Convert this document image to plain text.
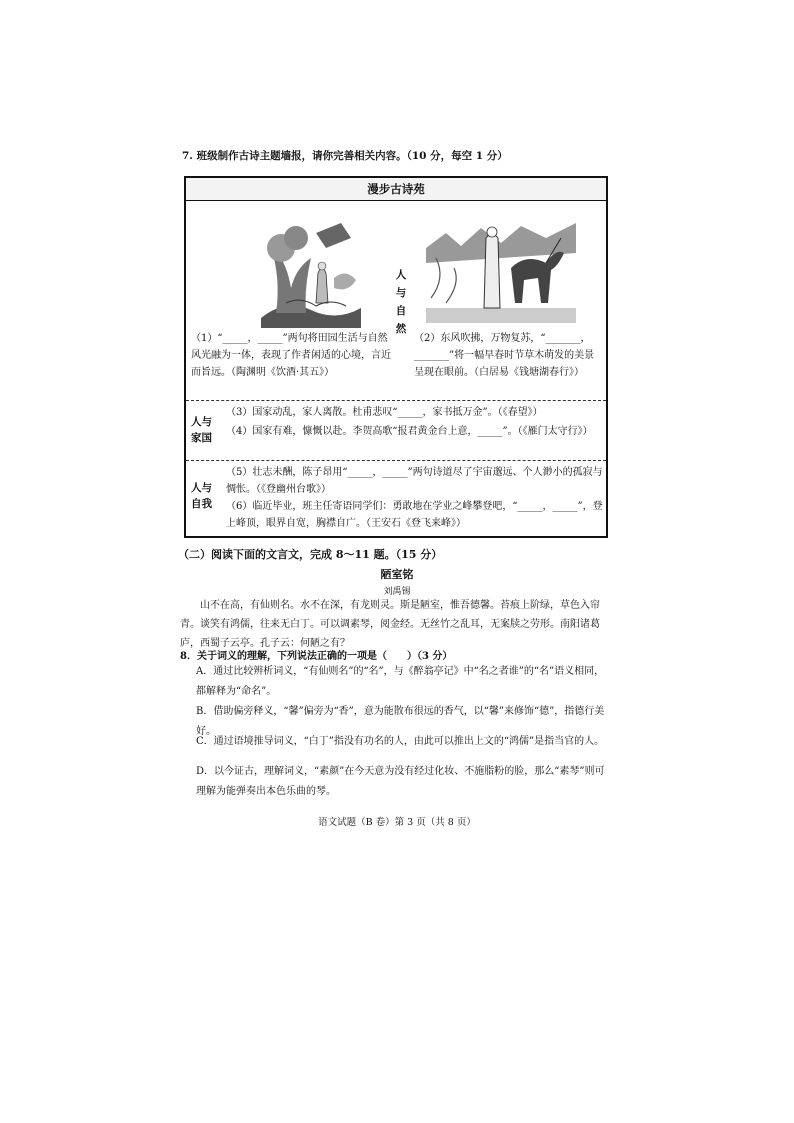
7. 班级制作古诗主题墙报，请你完善相关内容。（10 分，每空 1 分）
漫步古诗苑
人
与
自
然
（1）“_____，_____”两句将田园生活与自然风光融为一体，表现了作者闲适的心境，言近而旨远。（陶渊明《饮酒·其五》）
（2）东风吹拂，万物复苏，“_______，_______”将一幅早春时节草木萌发的美景呈现在眼前。（白居易《钱塘湖春行》）
人与家国
（3）国家动乱，家人离散。杜甫悲叹“_____，家书抵万金”。（《春望》）
（4）国家有难，慷慨以赴。李贺高歌“报君黄金台上意，_____”。（《雁门太守行》）
人与自我
（5）壮志未酬，陈子昂用“_____，_____”两句诗道尽了宇宙邈远、个人渺小的孤寂与惆怅。（《登幽州台歌》）
（6）临近毕业，班主任寄语同学们：勇敢地在学业之峰攀登吧，“_____，_____”，登上峰顶，眼界自宽，胸襟自广。（王安石《登飞来峰》）
（二）阅读下面的文言文，完成 8～11 题。（15 分）
陋室铭
刘禹锡
山不在高，有仙则名。水不在深，有龙则灵。斯是陋室，惟吾德馨。苔痕上阶绿，草色入帘青。谈笑有鸿儒，往来无白丁。可以调素琴，阅金经。无丝竹之乱耳，无案牍之劳形。南阳诸葛庐，西蜀子云亭。孔子云：何陋之有？
8．关于词义的理解，下列说法正确的一项是（　　）（3 分）
A．通过比较辨析词义，“有仙则名”的“名”，与《醉翁亭记》中“名之者谁”的“名”语义相同，都解释为“命名”。
B．借助偏旁释义，“馨”偏旁为“香”，意为能散布很远的香气，以“馨”来修饰“德”，指德行美好。
C．通过语境推导词义，“白丁”指没有功名的人，由此可以推出上文的“鸿儒”是指当官的人。
D．以今证古，理解词义，“素颜”在今天意为没有经过化妆、不施脂粉的脸，那么“素琴”则可理解为能弹奏出本色乐曲的琴。
语文试题（B 卷）第 3 页（共 8 页）
